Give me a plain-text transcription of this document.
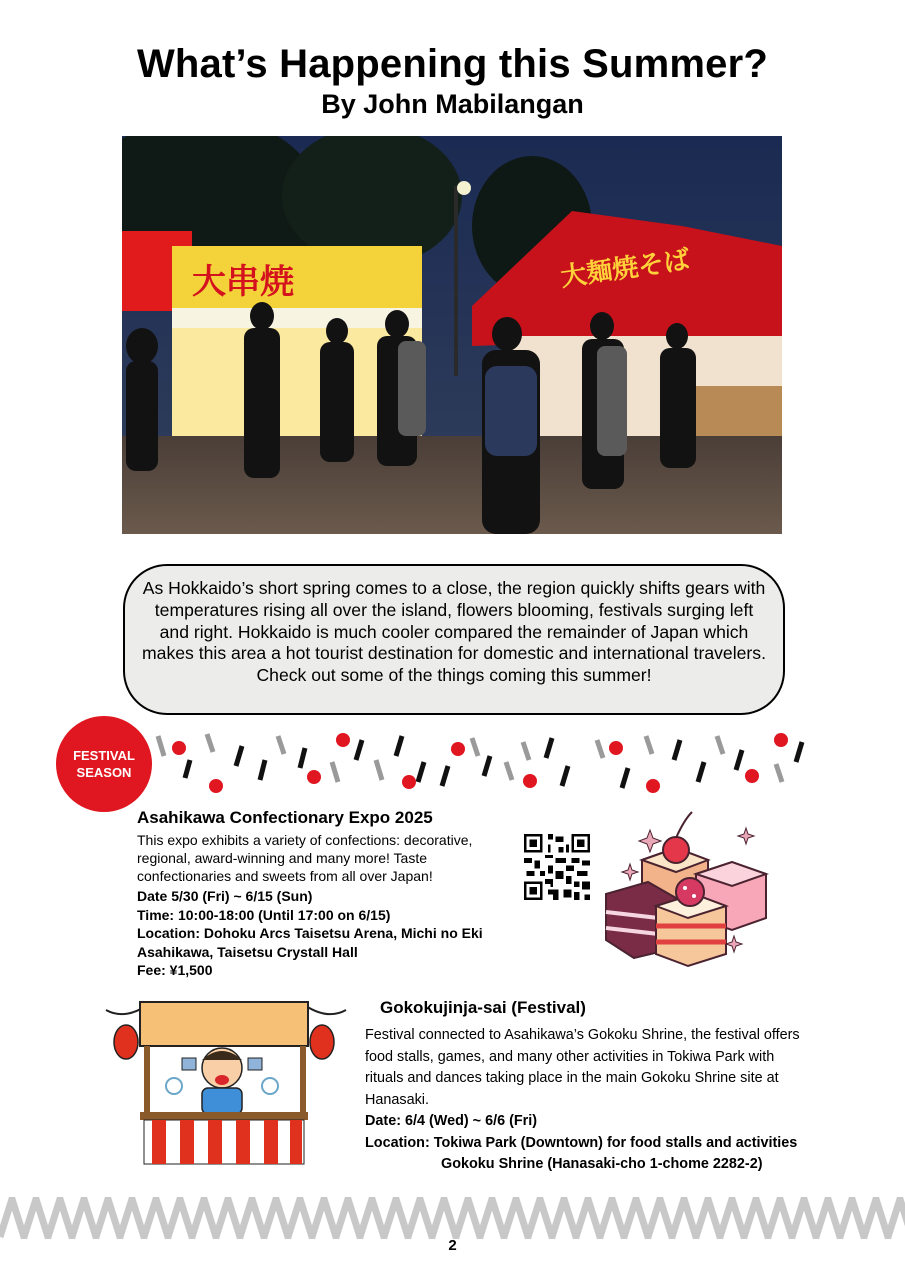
What’s Happening this Summer?
By John Mabilangan
大串焼	大麺焼そば
As Hokkaido’s short spring comes to a close, the region quickly shifts gears with
temperatures rising all over the island, flowers blooming, festivals surging left
and right. Hokkaido is much cooler compared the remainder of Japan which
makes this area a hot tourist destination for domestic and international travelers.
Check out some of the things coming this summer!
FESTIVAL
SEASON
Asahikawa Confectionary Expo 2025
This expo exhibits a variety of confections: decorative,
regional, award-winning and many more! Taste
confectionaries and sweets from all over Japan!
Date 5/30 (Fri) ~ 6/15 (Sun)
Time: 10:00-18:00 (Until 17:00 on 6/15)
Location: Dohoku Arcs Taisetsu Arena, Michi no Eki
Asahikawa, Taisetsu Crystall Hall
Fee: ¥1,500
Gokokujinja-sai (Festival)
Festival connected to Asahikawa’s Gokoku Shrine, the festival offers
food stalls, games, and many other activities in Tokiwa Park with
rituals and dances taking place in the main Gokoku Shrine site at
Hanasaki.
Date: 6/4 (Wed) ~ 6/6 (Fri)
Location: Tokiwa Park (Downtown) for food stalls and activities
Gokoku Shrine (Hanasaki-cho 1-chome 2282-2)
2
